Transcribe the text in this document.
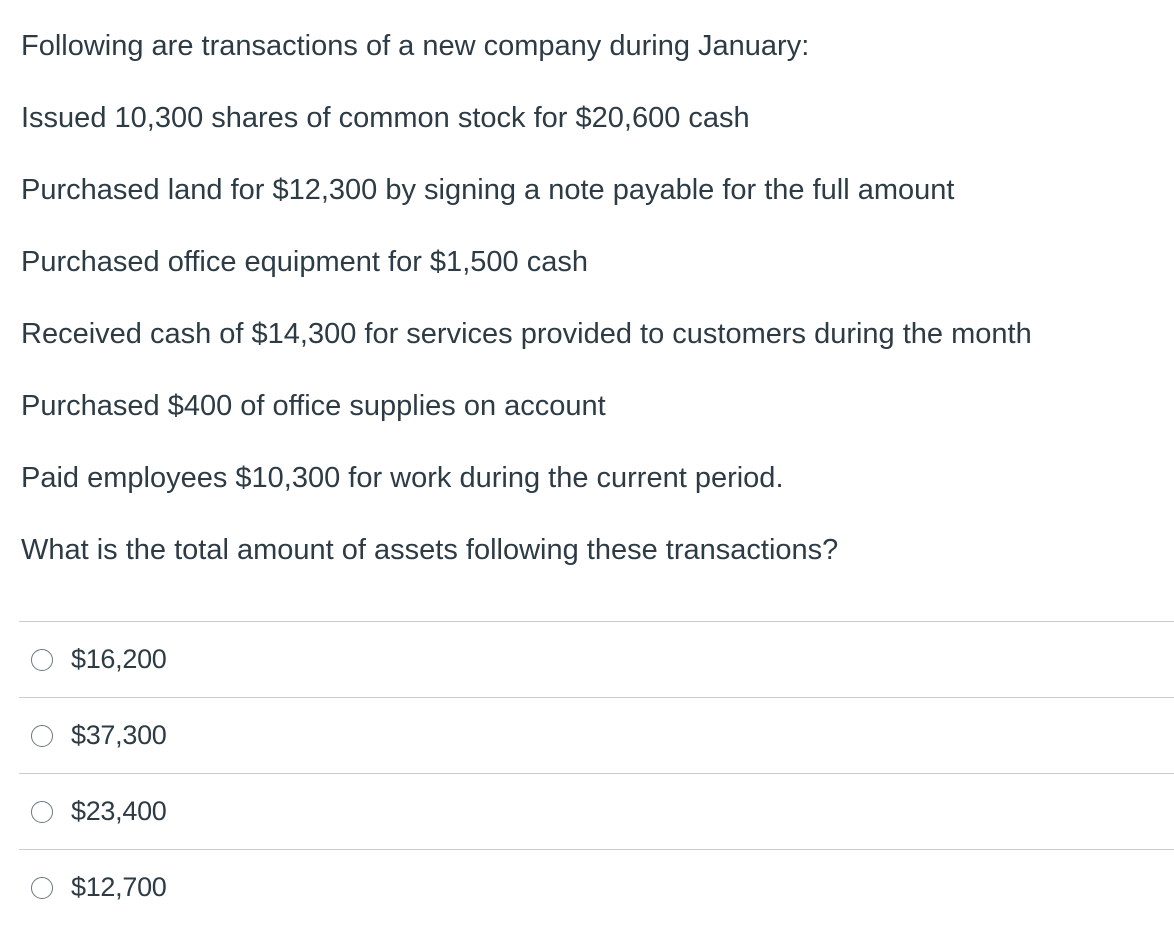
Following are transactions of a new company during January:
Issued 10,300 shares of common stock for $20,600 cash
Purchased land for $12,300 by signing a note payable for the full amount
Purchased office equipment for $1,500 cash
Received cash of $14,300 for services provided to customers during the month
Purchased $400 of office supplies on account
Paid employees $10,300 for work during the current period.
What is the total amount of assets following these transactions?
$16,200
$37,300
$23,400
$12,700
